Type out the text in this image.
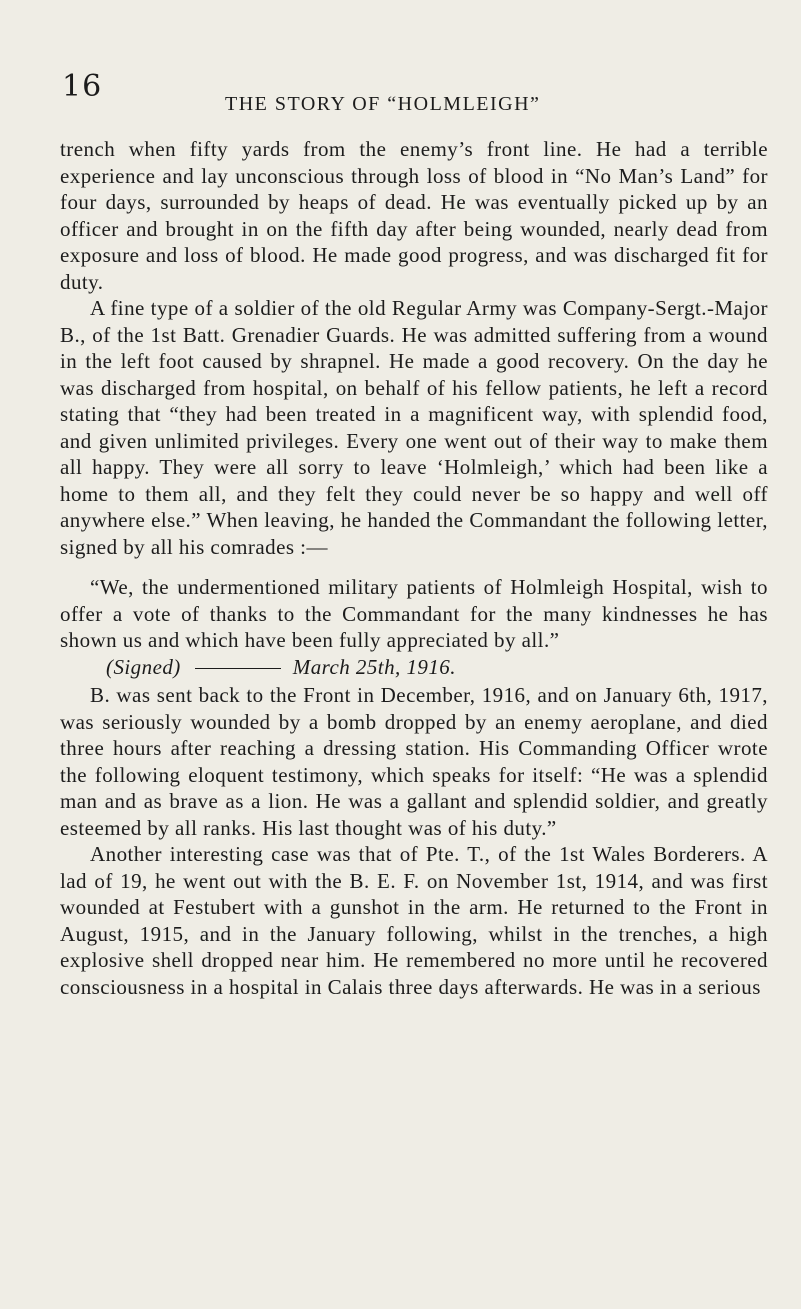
16	THE STORY OF “HOLMLEIGH”

trench when fifty yards from the enemy’s front line. He had a terrible experience and lay unconscious through loss of blood in “No Man’s Land” for four days, surrounded by heaps of dead. He was eventually picked up by an officer and brought in on the fifth day after being wounded, nearly dead from exposure and loss of blood. He made good progress, and was discharged fit for duty.

A fine type of a soldier of the old Regular Army was Company-Sergt.-Major B., of the 1st Batt. Grenadier Guards. He was admitted suffering from a wound in the left foot caused by shrapnel. He made a good recovery. On the day he was discharged from hospital, on behalf of his fellow patients, he left a record stating that “they had been treated in a magnificent way, with splendid food, and given unlimited privileges. Every one went out of their way to make them all happy. They were all sorry to leave ‘Holmleigh,’ which had been like a home to them all, and they felt they could never be so happy and well off anywhere else.” When leaving, he handed the Commandant the following letter, signed by all his comrades :—

“We, the undermentioned military patients of Holmleigh Hospital, wish to offer a vote of thanks to the Commandant for the many kindnesses he has shown us and which have been fully appreciated by all.”

(Signed)	March 25th, 1916.

B. was sent back to the Front in December, 1916, and on January 6th, 1917, was seriously wounded by a bomb dropped by an enemy aeroplane, and died three hours after reaching a dressing station. His Commanding Officer wrote the following eloquent testimony, which speaks for itself: “He was a splendid man and as brave as a lion. He was a gallant and splendid soldier, and greatly esteemed by all ranks. His last thought was of his duty.”

Another interesting case was that of Pte. T., of the 1st Wales Borderers. A lad of 19, he went out with the B. E. F. on November 1st, 1914, and was first wounded at Festubert with a gunshot in the arm. He returned to the Front in August, 1915, and in the January following, whilst in the trenches, a high explosive shell dropped near him. He remembered no more until he recovered consciousness in a hospital in Calais three days afterwards. He was in a serious
